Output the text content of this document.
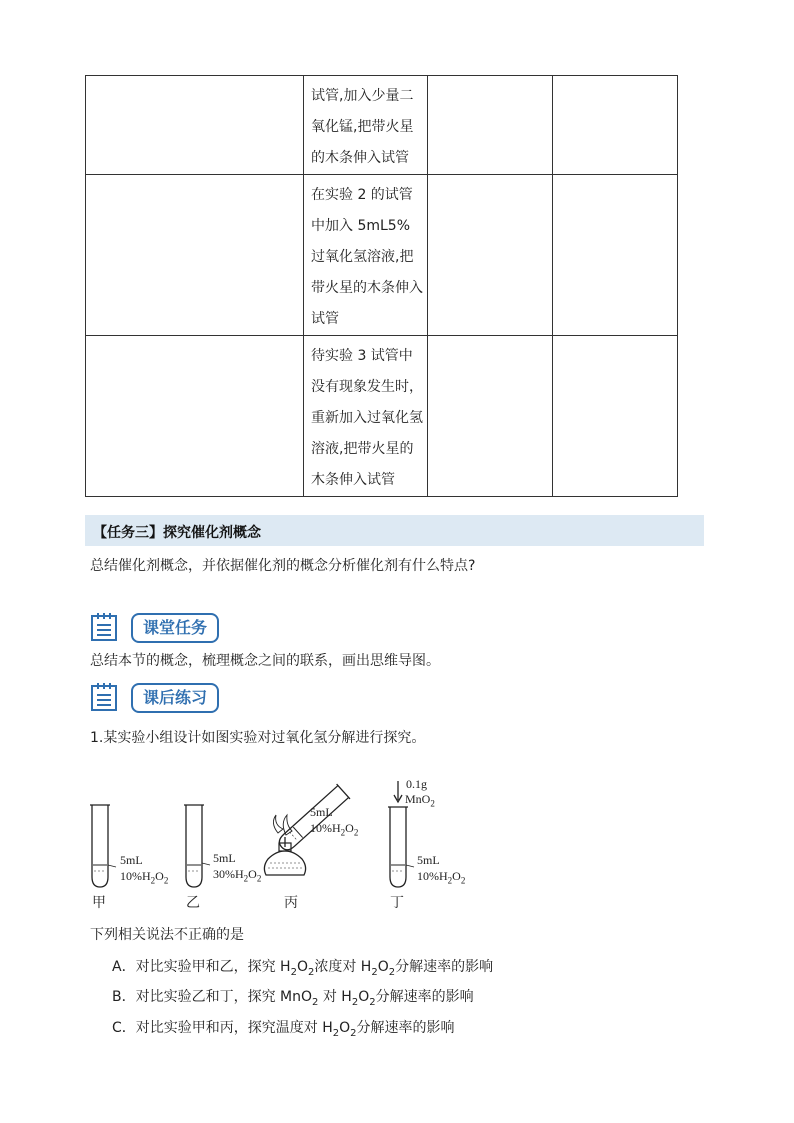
	试管,加入少量二氧化锰,把带火星的木条伸入试管		

	在实验 2 的试管中加入 5mL5%过氧化氢溶液,把带火星的木条伸入试管		

	待实验 3 试管中没有现象发生时，重新加入过氧化氢溶液,把带火星的木条伸入试管		

【任务三】探究催化剂概念
总结催化剂概念，并依据催化剂的概念分析催化剂有什么特点?
课堂任务
总结本节的概念，梳理概念之间的联系，画出思维导图。
课后练习
1.某实验小组设计如图实验对过氧化氢分解进行探究。
5mL
$10\%H_2O_2$
甲
5mL
$30\%H_2O_2$
乙
5mL
$10\%H_2O_2$
丙
0.1g
MnO$_2$
5mL
$10\%H_2O_2$
丁
下列相关说法不正确的是
A．对比实验甲和乙，探究 $H_2O_2$浓度对 $H_2O_2$分解速率的影响
B．对比实验乙和丁，探究 MnO$_2$ 对 $H_2O_2$分解速率的影响
C．对比实验甲和丙，探究温度对 $H_2O_2$分解速率的影响
